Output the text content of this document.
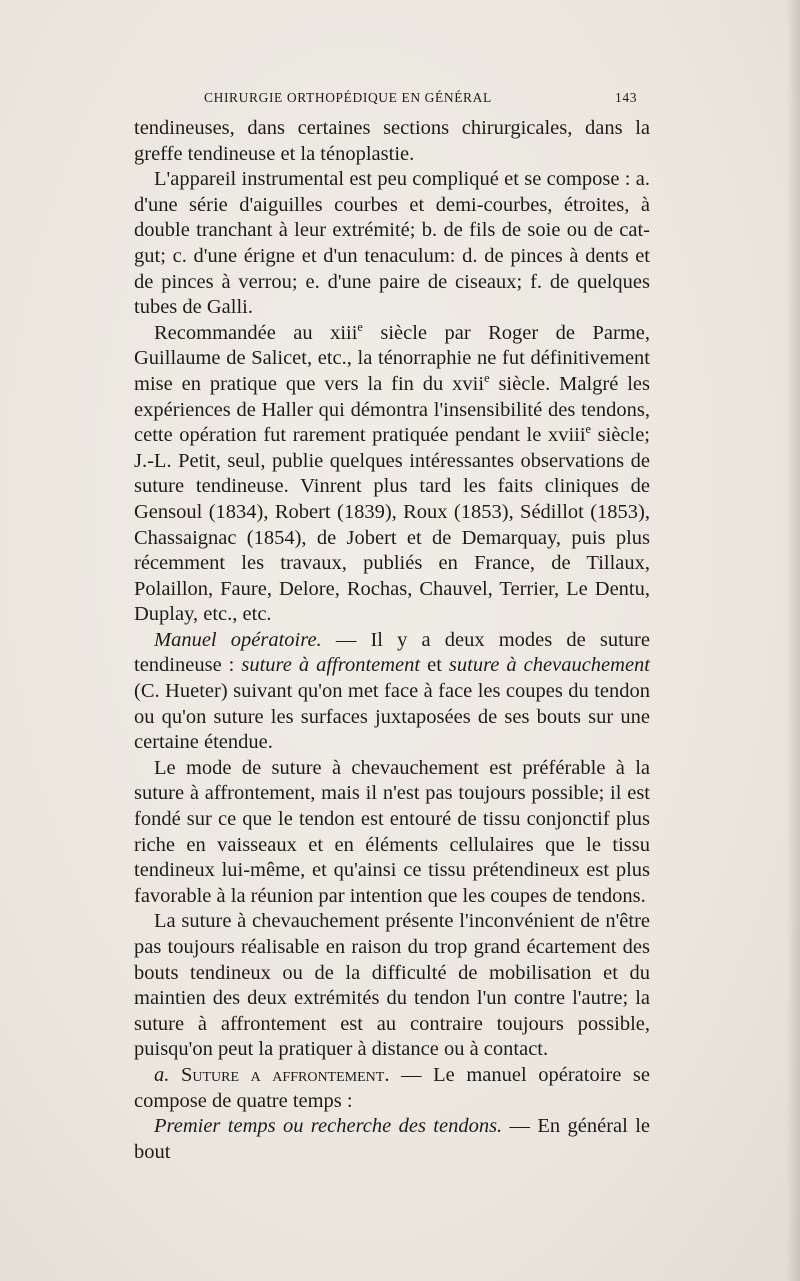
CHIRURGIE ORTHOPÉDIQUE EN GÉNÉRAL	143

tendineuses, dans certaines sections chirurgicales, dans la greffe tendineuse et la ténoplastie.

L'appareil instrumental est peu compliqué et se compose : a. d'une série d'aiguilles courbes et demi-courbes, étroites, à double tranchant à leur extrémité; b. de fils de soie ou de cat-gut; c. d'une érigne et d'un tenaculum: d. de pinces à dents et de pinces à verrou; e. d'une paire de ciseaux; f. de quelques tubes de Galli.

Recommandée au xiii$^e$ siècle par Roger de Parme, Guillaume de Salicet, etc., la ténorraphie ne fut définitivement mise en pratique que vers la fin du xvii$^e$ siècle. Malgré les expériences de Haller qui démontra l'insensibilité des tendons, cette opération fut rarement pratiquée pendant le xviii$^e$ siècle; J.-L. Petit, seul, publie quelques intéressantes observations de suture tendineuse. Vinrent plus tard les faits cliniques de Gensoul (1834), Robert (1839), Roux (1853), Sédillot (1853), Chassaignac (1854), de Jobert et de Demarquay, puis plus récemment les travaux, publiés en France, de Tillaux, Polaillon, Faure, Delore, Rochas, Chauvel, Terrier, Le Dentu, Duplay, etc., etc.

Manuel opératoire. — Il y a deux modes de suture tendineuse : suture à affrontement et suture à chevauchement (C. Hueter) suivant qu'on met face à face les coupes du tendon ou qu'on suture les surfaces juxtaposées de ses bouts sur une certaine étendue.

Le mode de suture à chevauchement est préférable à la suture à affrontement, mais il n'est pas toujours possible; il est fondé sur ce que le tendon est entouré de tissu conjonctif plus riche en vaisseaux et en éléments cellulaires que le tissu tendineux lui-même, et qu'ainsi ce tissu prétendineux est plus favorable à la réunion par intention que les coupes de tendons.

La suture à chevauchement présente l'inconvénient de n'être pas toujours réalisable en raison du trop grand écartement des bouts tendineux ou de la difficulté de mobilisation et du maintien des deux extrémités du tendon l'un contre l'autre; la suture à affrontement est au contraire toujours possible, puisqu'on peut la pratiquer à distance ou à contact.

a. Suture a affrontement. — Le manuel opératoire se compose de quatre temps :

Premier temps ou recherche des tendons. — En général le bout
